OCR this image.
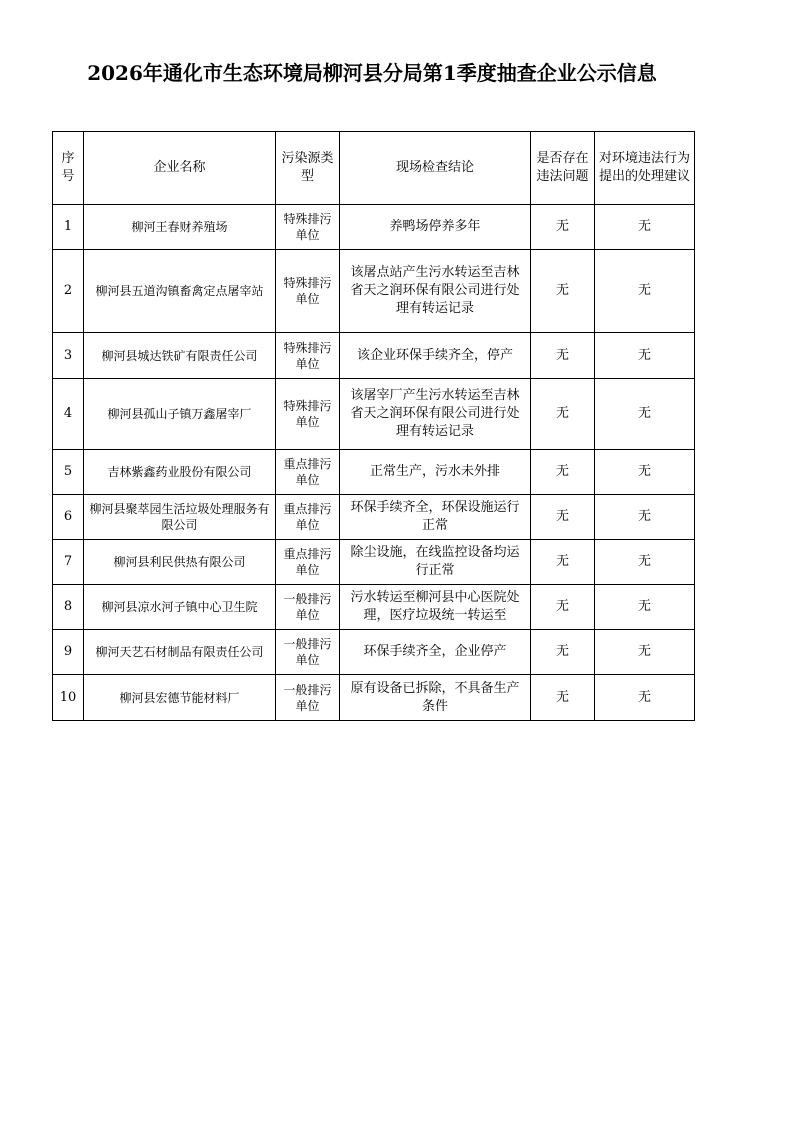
2026年通化市生态环境局柳河县分局第1季度抽查企业公示信息
序号	企业名称	污染源类型	现场检查结论	是否存在违法问题	对环境违法行为提出的处理建议
1	柳河王春财养殖场	特殊排污单位	养鸭场停养多年	无	无
2	柳河县五道沟镇畜禽定点屠宰站	特殊排污单位	该屠点站产生污水转运至吉林省天之润环保有限公司进行处理有转运记录	无	无
3	柳河县城达铁矿有限责任公司	特殊排污单位	该企业环保手续齐全，停产	无	无
4	柳河县孤山子镇万鑫屠宰厂	特殊排污单位	该屠宰厂产生污水转运至吉林省天之润环保有限公司进行处理有转运记录	无	无
5	吉林紫鑫药业股份有限公司	重点排污单位	正常生产，污水未外排	无	无
6	柳河县聚萃园生活垃圾处理服务有限公司	重点排污单位	环保手续齐全，环保设施运行正常	无	无
7	柳河县利民供热有限公司	重点排污单位	除尘设施，在线监控设备均运行正常	无	无
8	柳河县凉水河子镇中心卫生院	一般排污单位	污水转运至柳河县中心医院处理，医疗垃圾统一转运至	无	无
9	柳河天艺石材制品有限责任公司	一般排污单位	环保手续齐全，企业停产	无	无
10	柳河县宏德节能材料厂	一般排污单位	原有设备已拆除，不具备生产条件	无	无
